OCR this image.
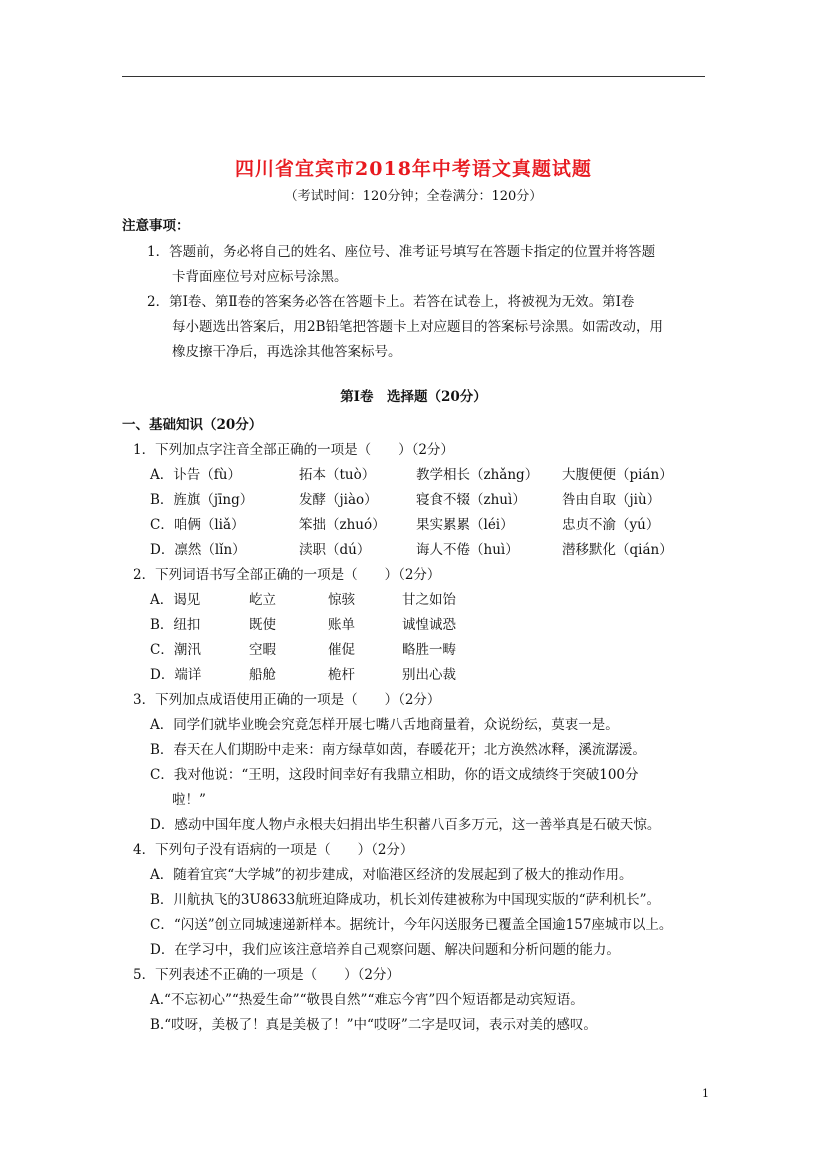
四川省宜宾市2018年中考语文真题试题
（考试时间：120分钟；全卷满分：120分）
注意事项：
1．答题前，务必将自己的姓名、座位号、准考证号填写在答题卡指定的位置并将答题
卡背面座位号对应标号涂黑。
2．第Ⅰ卷、第Ⅱ卷的答案务必答在答题卡上。若答在试卷上，将被视为无效。第Ⅰ卷
每小题选出答案后，用2B铅笔把答题卡上对应题目的答案标号涂黑。如需改动，用
橡皮擦干净后，再选涂其他答案标号。
第Ⅰ卷　选择题（20分）
一、基础知识（20分）
1．下列加点字注音全部正确的一项是（　　）（2分）
A．讣告（fù）	拓本（tuò）	教学相长（zhǎng） 大腹便便（pián）
B．旌旗（jīng）	发酵（jiào）	寝食不辍（zhuì）	咎由自取（jiù）
C．咱俩（liǎ）	笨拙（zhuó） 果实累累（léi）	忠贞不渝（yú）
D．凛然（lǐn）	渎职（dú）	诲人不倦（huì）	潜移默化（qián）
2．下列词语书写全部正确的一项是（　　）（2分）
A．谒见	屹立	惊骇	甘之如饴
B．纽扣	既使	账单	诚惶诚恐
C．潮汛	空暇	催促	略胜一畴
D．端详	船舱	桅杆	别出心裁
3．下列加点成语使用正确的一项是（　　）（2分）
A．同学们就毕业晚会究竟怎样开展七嘴八舌地商量着，众说纷纭，莫衷一是。
B．春天在人们期盼中走来：南方绿草如茵，春暖花开；北方涣然冰释，溪流潺湲。
C．我对他说：“王明，这段时间幸好有我鼎立相助，你的语文成绩终于突破100分
啦！”
D．感动中国年度人物卢永根夫妇捐出毕生积蓄八百多万元，这一善举真是石破天惊。
4．下列句子没有语病的一项是（　　）（2分）
A．随着宜宾“大学城”的初步建成，对临港区经济的发展起到了极大的推动作用。
B．川航执飞的3U8633航班迫降成功，机长刘传建被称为中国现实版的“萨利机长”。
C．“闪送”创立同城速递新样本。据统计，今年闪送服务已覆盖全国逾157座城市以上。
D．在学习中，我们应该注意培养自己观察问题、解决问题和分析问题的能力。
5．下列表述不正确的一项是（　　）（2分）
A.“不忘初心”“热爱生命”“敬畏自然”“难忘今宵”四个短语都是动宾短语。
B.“哎呀，美极了！真是美极了！”中“哎呀”二字是叹词，表示对美的感叹。
1
